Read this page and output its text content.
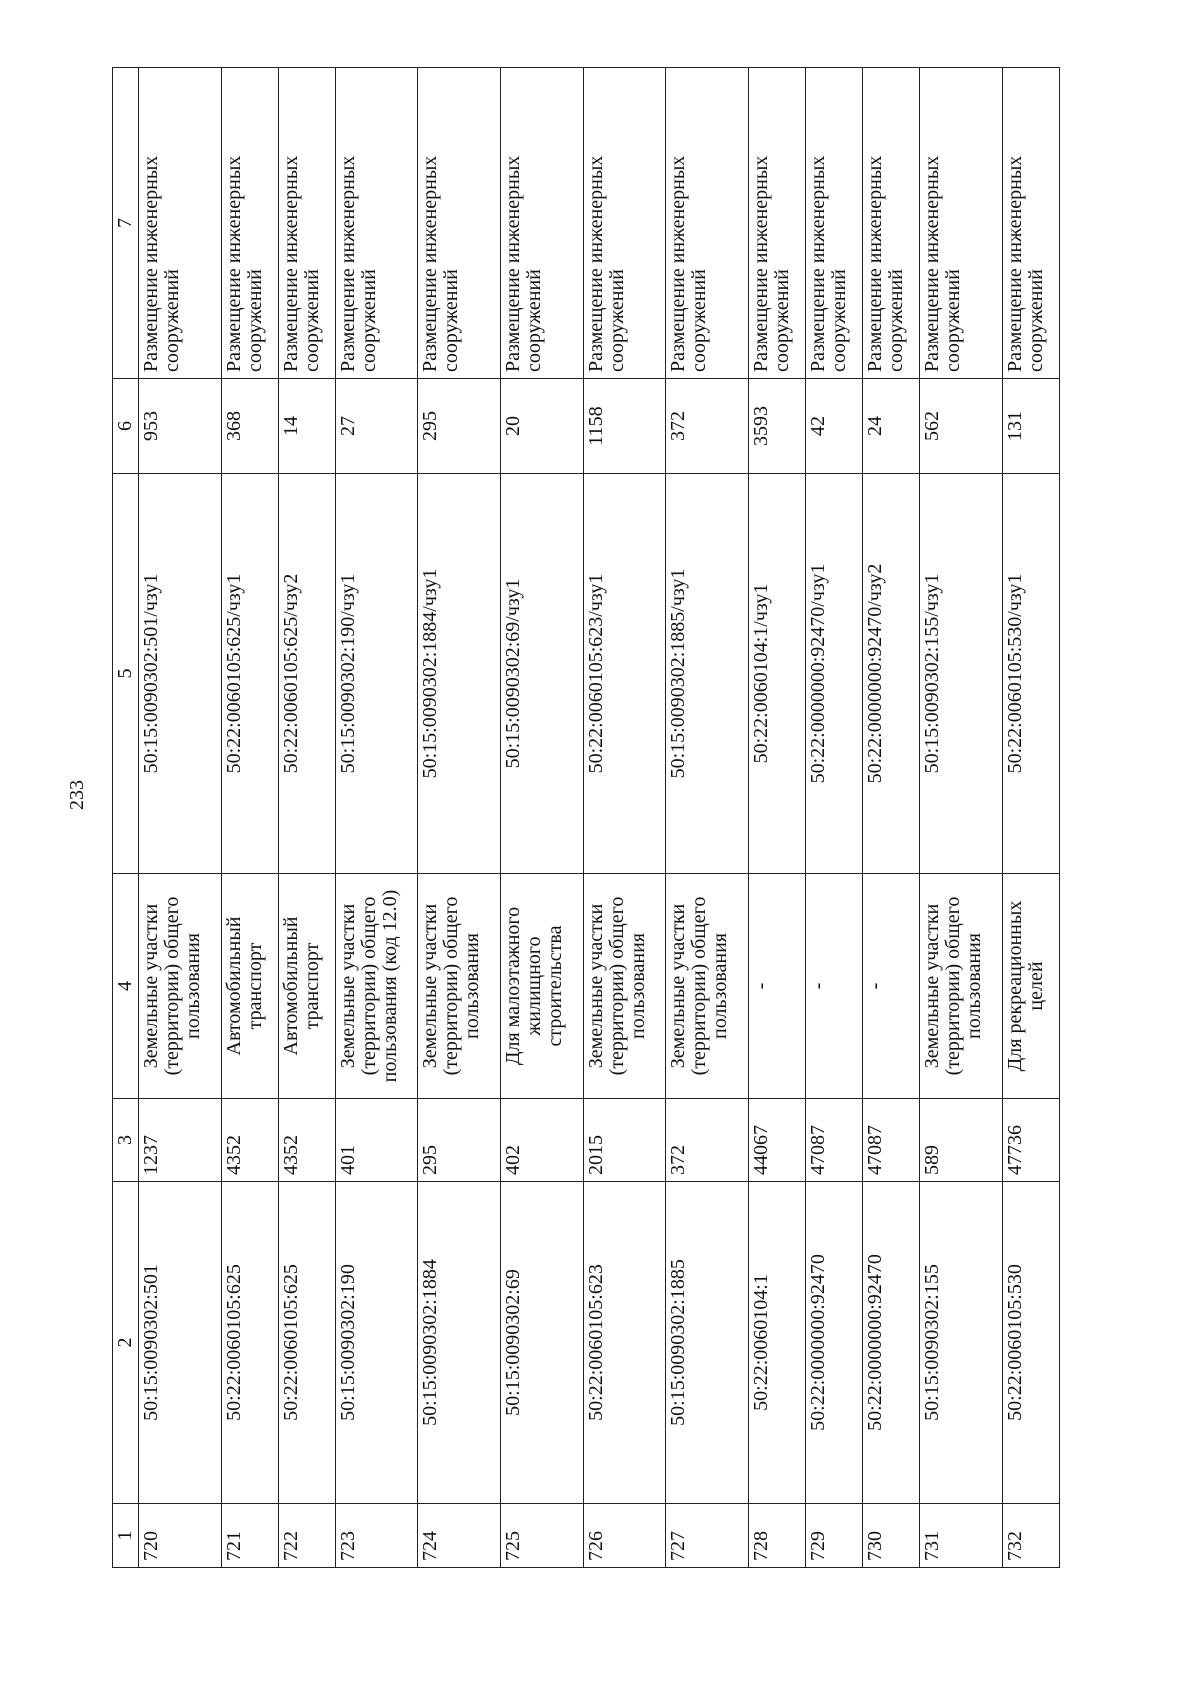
233
1	2	3	4	5	6	7
720	50:15:0090302:501	1237	Земельные участки (территории) общего пользования	50:15:0090302:501/чзу1	953	Размещение инженерных сооружений
721	50:22:0060105:625	4352	Автомобильный транспорт	50:22:0060105:625/чзу1	368	Размещение инженерных сооружений
722	50:22:0060105:625	4352	Автомобильный транспорт	50:22:0060105:625/чзу2	14	Размещение инженерных сооружений
723	50:15:0090302:190	401	Земельные участки (территории) общего пользования (код 12.0)	50:15:0090302:190/чзу1	27	Размещение инженерных сооружений
724	50:15:0090302:1884	295	Земельные участки (территории) общего пользования	50:15:0090302:1884/чзу1	295	Размещение инженерных сооружений
725	50:15:0090302:69	402	Для малоэтажного жилищного строительства	50:15:0090302:69/чзу1	20	Размещение инженерных сооружений
726	50:22:0060105:623	2015	Земельные участки (территории) общего пользования	50:22:0060105:623/чзу1	1158	Размещение инженерных сооружений
727	50:15:0090302:1885	372	Земельные участки (территории) общего пользования	50:15:0090302:1885/чзу1	372	Размещение инженерных сооружений
728	50:22:0060104:1	44067	-	50:22:0060104:1/чзу1	3593	Размещение инженерных сооружений
729	50:22:0000000:92470	47087	-	50:22:0000000:92470/чзу1	42	Размещение инженерных сооружений
730	50:22:0000000:92470	47087	-	50:22:0000000:92470/чзу2	24	Размещение инженерных сооружений
731	50:15:0090302:155	589	Земельные участки (территории) общего пользования	50:15:0090302:155/чзу1	562	Размещение инженерных сооружений
732	50:22:0060105:530	47736	Для рекреационных целей	50:22:0060105:530/чзу1	131	Размещение инженерных сооружений
